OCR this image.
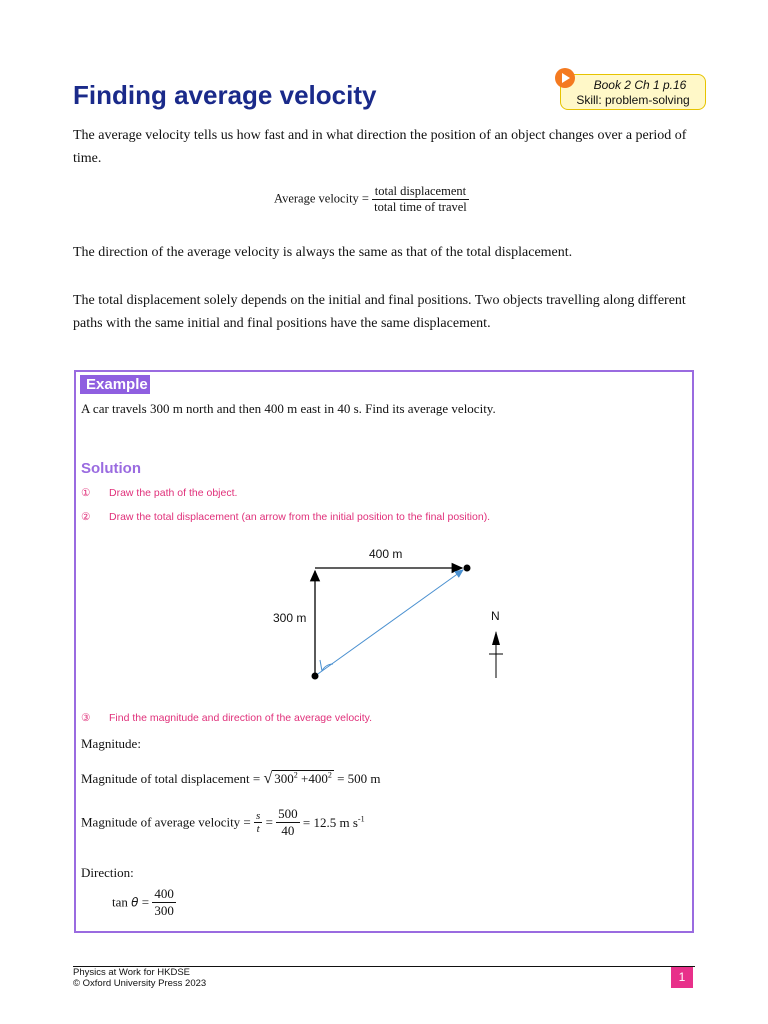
Finding average velocity	Book 2 Ch 1 p.16
Skill: problem-solving

The average velocity tells us how fast and in what direction the position of an object changes over a period of time.

Average velocity = $\frac{\text{total displacement}}{\text{total time of travel}}$

The direction of the average velocity is always the same as that of the total displacement.

The total displacement solely depends on the initial and final positions. Two objects travelling along different paths with the same initial and final positions have the same displacement.

Example
A car travels 300 m north and then 400 m east in 40 s. Find its average velocity.
Solution
① Draw the path of the object.
② Draw the total displacement (an arrow from the initial position to the final position).
400 m
300 m	N
③ Find the magnitude and direction of the average velocity.
Magnitude:
Magnitude of total displacement = √ $300^2 +400^2 = 500$ m
Magnitude of average velocity = $\frac{s}{t} = \frac{500}{40} = 12.5$ m $s^{-1}$
Direction:
$\tan \theta = \frac{400}{300}$
Physics at Work for HKDSE
© Oxford University Press 2023	1
